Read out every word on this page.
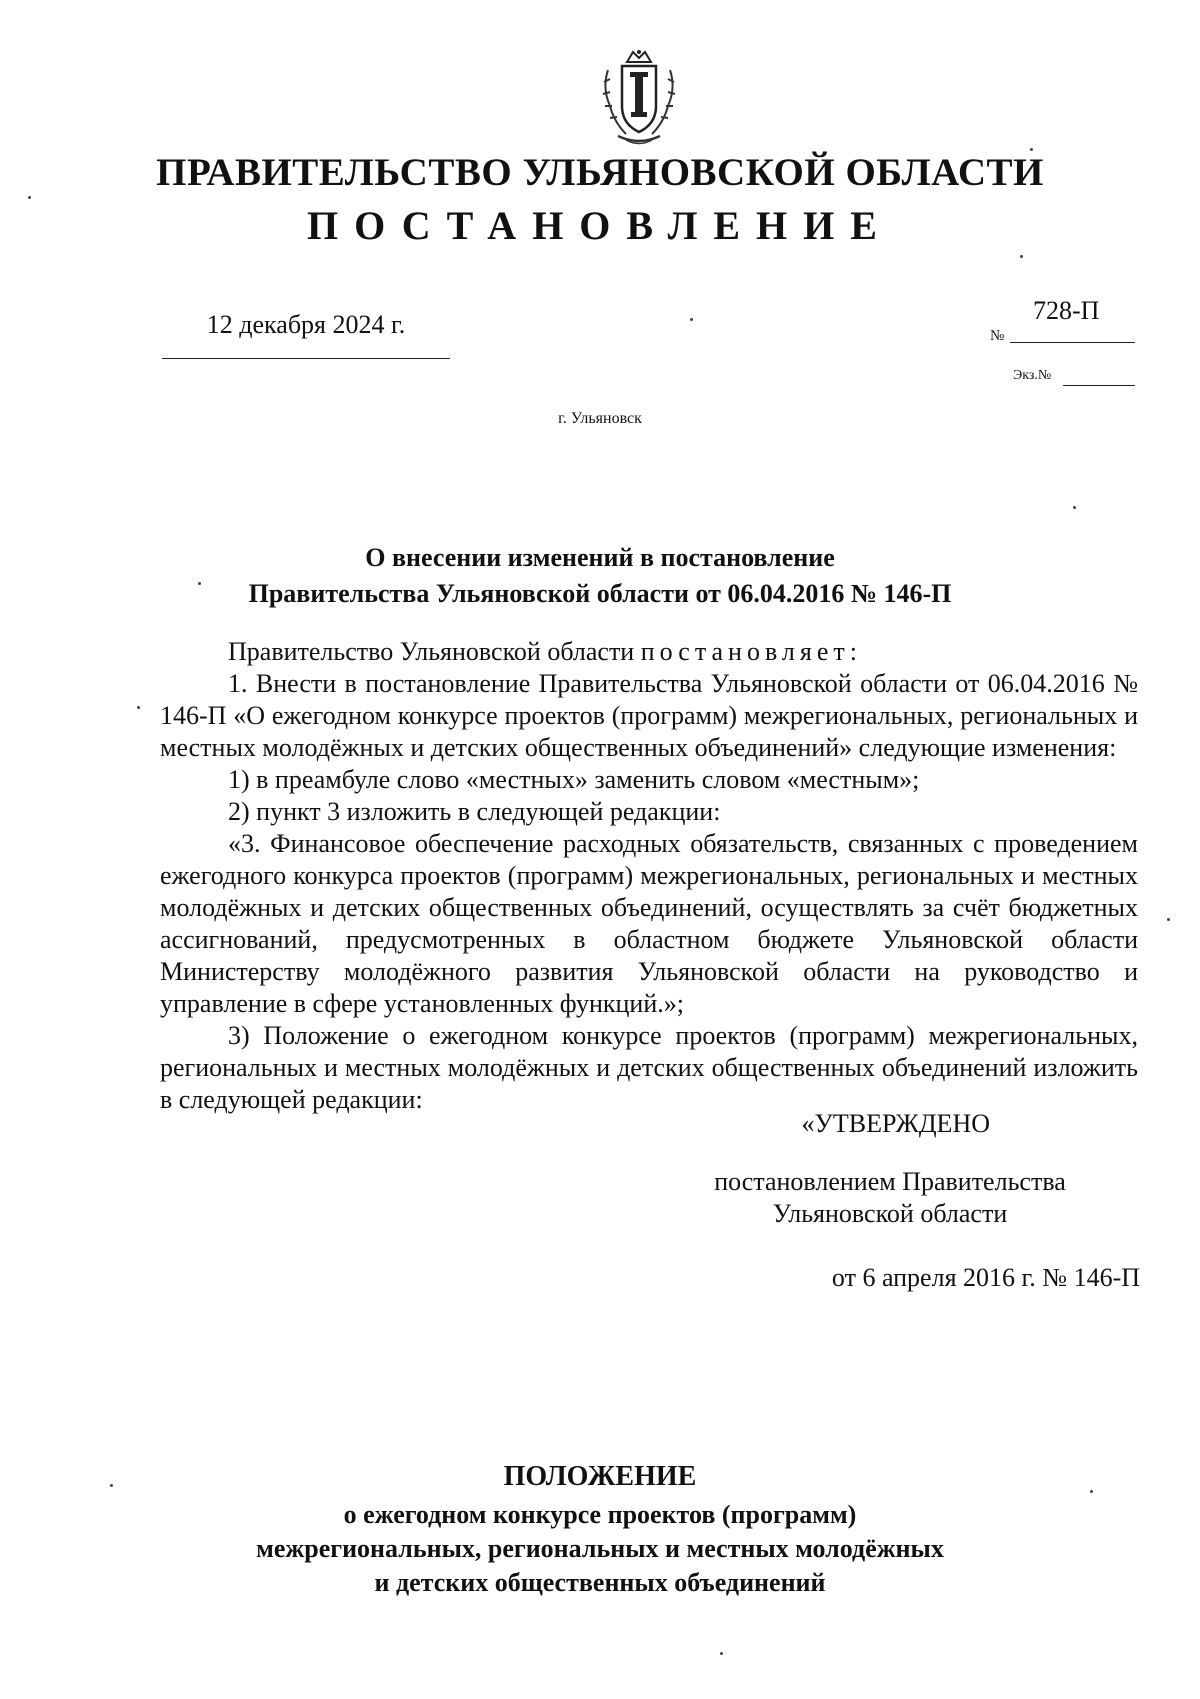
ПРАВИТЕЛЬСТВО УЛЬЯНОВСКОЙ ОБЛАСТИ
ПОСТАНОВЛЕНИЕ
12 декабря 2024 г.	№
728-П
Экз.№
г. Ульяновск
О внесении изменений в постановление
Правительства Ульяновской области от 06.04.2016 № 146-П

Правительство Ульяновской области постановляет:

1. Внести в постановление Правительства Ульяновской области от 06.04.2016 № 146-П «О ежегодном конкурсе проектов (программ) межрегиональных, региональных и местных молодёжных и детских общественных объединений» следующие изменения:

1) в преамбуле слово «местных» заменить словом «местным»;

2) пункт 3 изложить в следующей редакции:

«3. Финансовое обеспечение расходных обязательств, связанных с проведением ежегодного конкурса проектов (программ) межрегиональных, региональных и местных молодёжных и детских общественных объединений, осуществлять за счёт бюджетных ассигнований, предусмотренных в областном бюджете Ульяновской области Министерству молодёжного развития Ульяновской области на руководство и управление в сфере установленных функций.»;

3) Положение о ежегодном конкурсе проектов (программ) межрегиональных, региональных и местных молодёжных и детских общественных объединений изложить в следующей редакции:

«УТВЕРЖДЕНО
постановлением Правительства
Ульяновской области
от 6 апреля 2016 г. № 146-П
ПОЛОЖЕНИЕ
о ежегодном конкурсе проектов (программ)
межрегиональных, региональных и местных молодёжных
и детских общественных объединений
